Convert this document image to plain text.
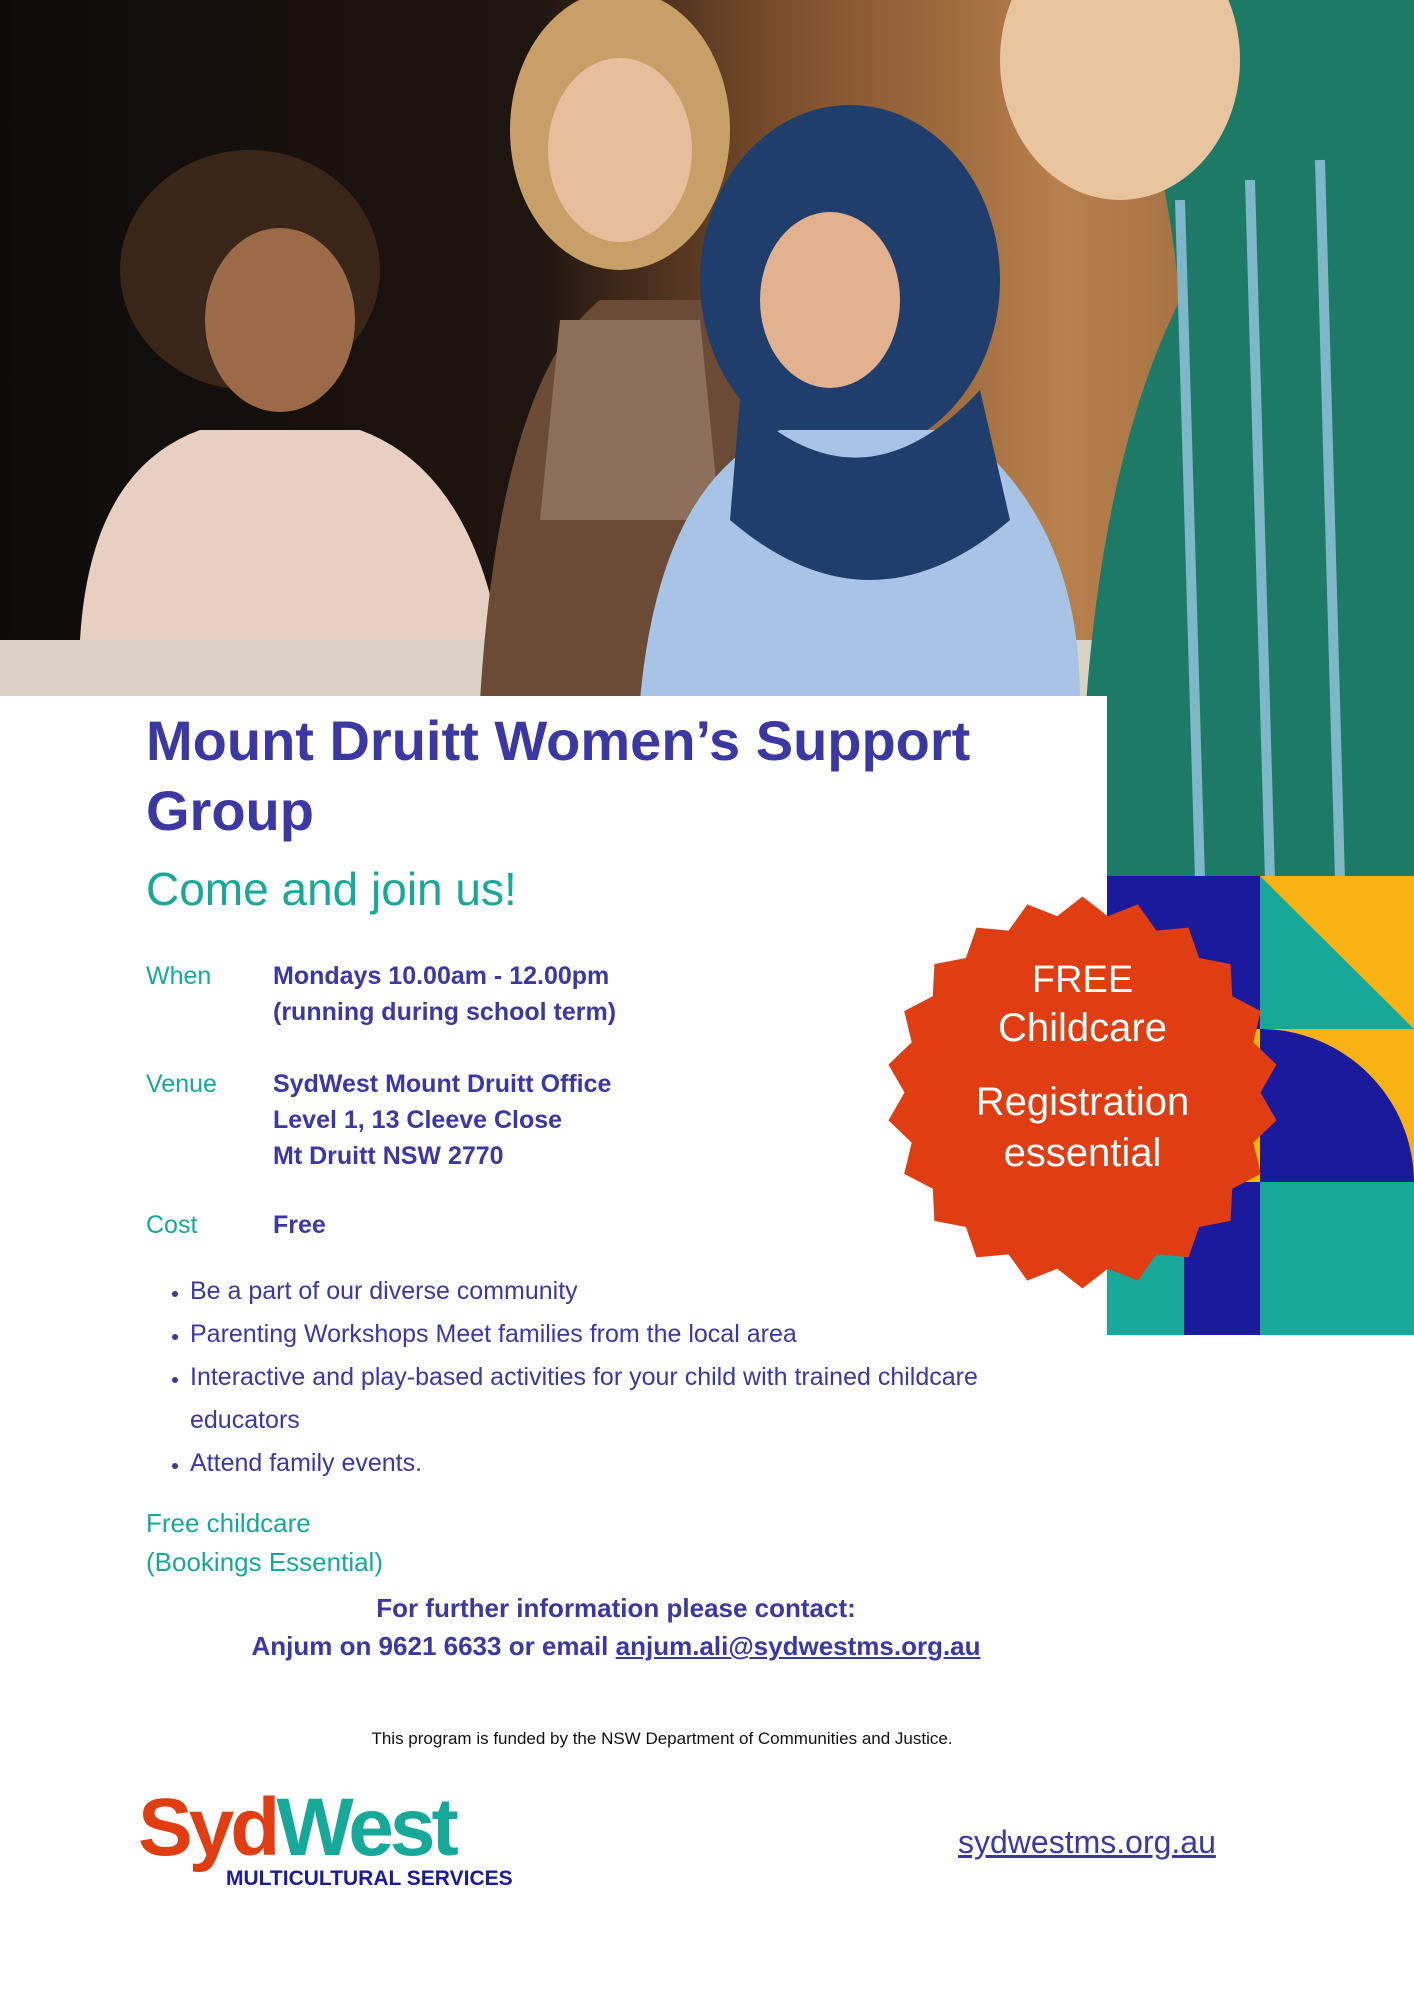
FREE
Childcare
Registration
essential
Mount Druitt Women’s Support Group
Come and join us!
When Mondays 10.00am - 12.00pm
(running during school term)
Venue SydWest Mount Druitt Office
Level 1, 13 Cleeve Close
Mt Druitt NSW 2770
Cost	Free
• Be a part of our diverse community
• Parenting Workshops Meet families from the local area
• Interactive and play-based activities for your child with trained childcare educators
• Attend family events.
Free childcare
(Bookings Essential)
For further information please contact:
Anjum on 9621 6633 or email anjum.ali@sydwestms.org.au
This program is funded by the NSW Department of Communities and Justice.
SydWest
MULTICULTURAL SERVICES
sydwestms.org.au
